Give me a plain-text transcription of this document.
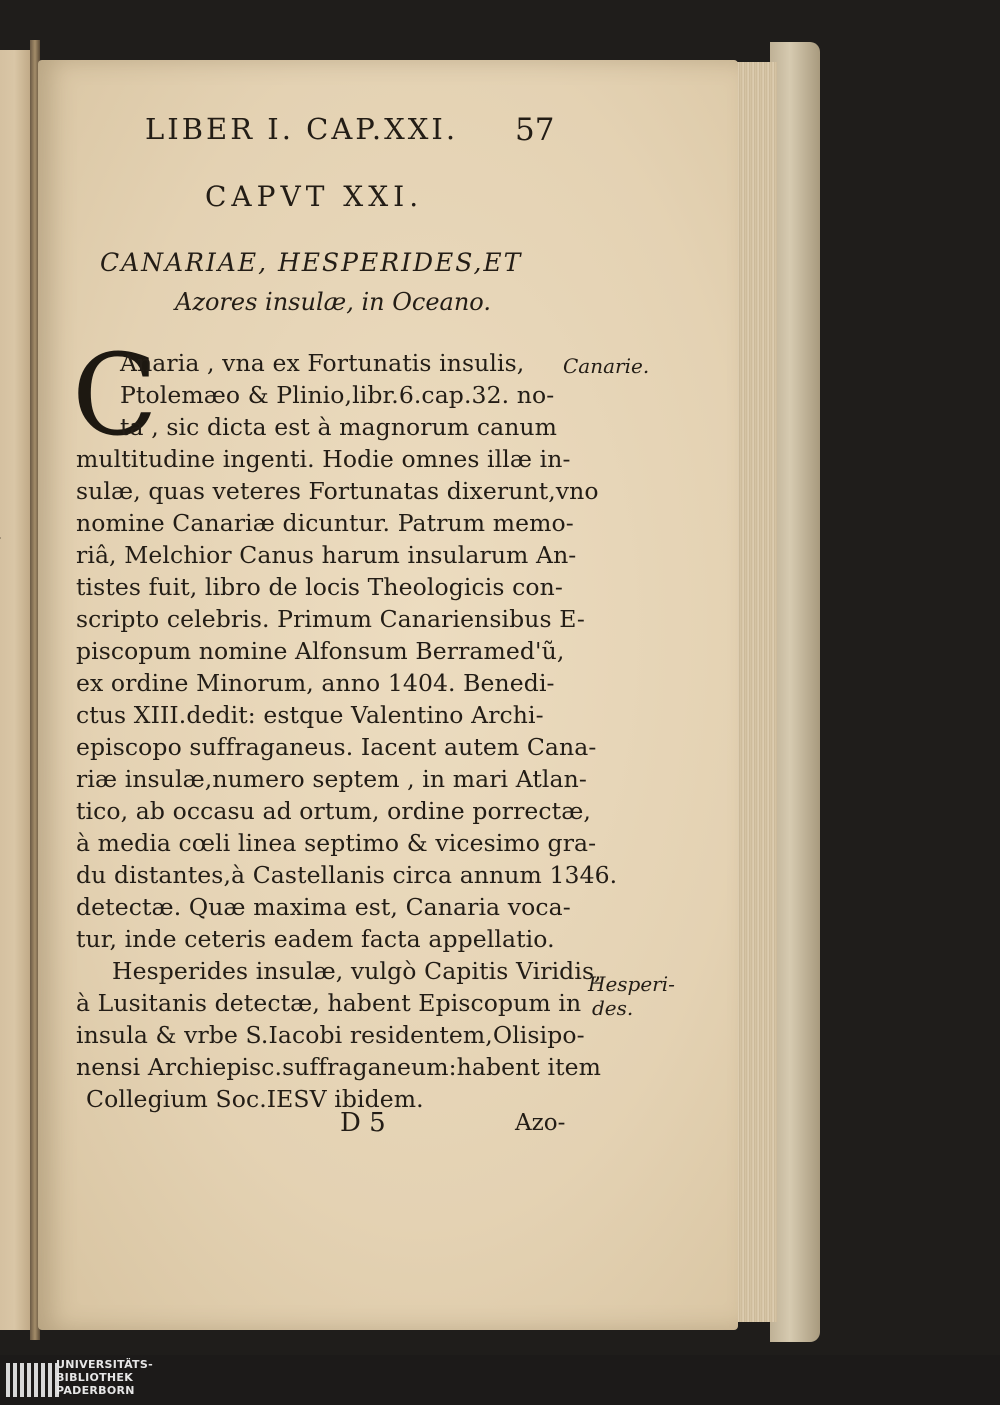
LIBER I. CAP.XXI. 57
CAPVT XXI.
CANARIAE, HESPERIDES,ET
Azores insulæ, in Oceano.
C
Anaria , vna ex Fortunatis insulis,
Ptolemæo & Plinio,libr.6.cap.32. no-
ta , sic dicta est à magnorum canum
multitudine ingenti. Hodie omnes illæ in-
sulæ, quas veteres Fortunatas dixerunt,vno
nomine Canariæ dicuntur. Patrum memo-
riâ, Melchior Canus harum insularum An-
tistes fuit, libro de locis Theologicis con-
scripto celebris. Primum Canariensibus E-
piscopum nomine Alfonsum Berramed'ũ,
ex ordine Minorum, anno 1404. Benedi-
ctus XIII.dedit: estque Valentino Archi-
episcopo suffraganeus. Iacent autem Cana-
riæ insulæ,numero septem , in mari Atlan-
tico, ab occasu ad ortum, ordine porrectæ,
à media cœli linea septimo & vicesimo gra-
du distantes,à Castellanis circa annum 1346.
detectæ. Quæ maxima est, Canaria voca-
tur, inde ceteris eadem facta appellatio.
Hesperides insulæ, vulgò Capitis Viridis,
à Lusitanis detectæ, habent Episcopum in
insula & vrbe S.Iacobi residentem,Olisipo-
nensi Archiepisc.suffraganeum:habent item
Collegium Soc.IESV ibidem.
Canarie.
Hesperi-
des.
D 5	Azo-
UNIVERSITÄTS-
BIBLIOTHEK
PADERBORN
